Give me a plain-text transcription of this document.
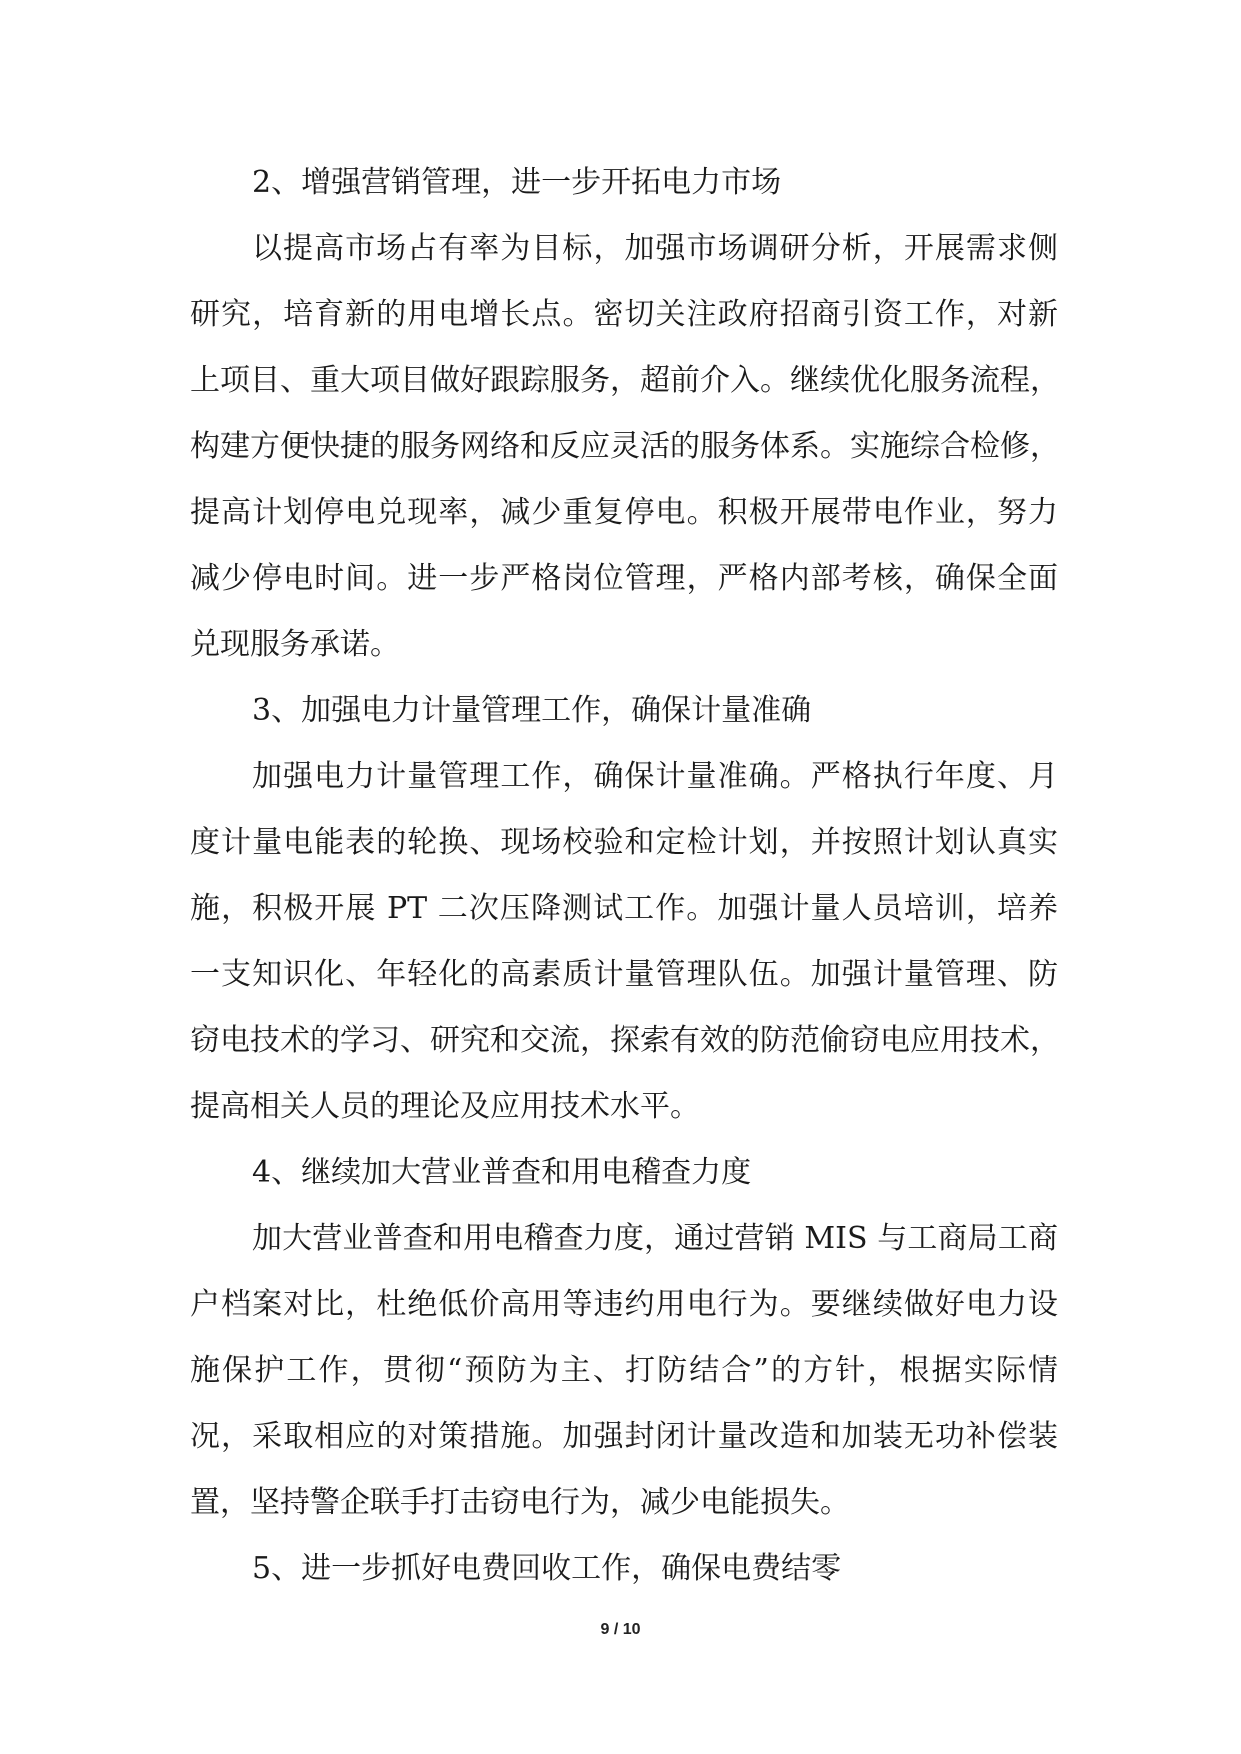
2、增强营销管理，进一步开拓电力市场
以提高市场占有率为目标，加强市场调研分析，开展需求侧
研究，培育新的用电增长点。密切关注政府招商引资工作，对新
上项目、重大项目做好跟踪服务，超前介入。继续优化服务流程，
构建方便快捷的服务网络和反应灵活的服务体系。实施综合检修，
提高计划停电兑现率，减少重复停电。积极开展带电作业，努力
减少停电时间。进一步严格岗位管理，严格内部考核，确保全面
兑现服务承诺。
3、加强电力计量管理工作，确保计量准确
加强电力计量管理工作，确保计量准确。严格执行年度、月
度计量电能表的轮换、现场校验和定检计划，并按照计划认真实
施，积极开展 PT 二次压降测试工作。加强计量人员培训，培养
一支知识化、年轻化的高素质计量管理队伍。加强计量管理、防
窃电技术的学习、研究和交流，探索有效的防范偷窃电应用技术，
提高相关人员的理论及应用技术水平。
4、继续加大营业普查和用电稽查力度
加大营业普查和用电稽查力度，通过营销 MIS 与工商局工商
户档案对比，杜绝低价高用等违约用电行为。要继续做好电力设
施保护工作，贯彻“预防为主、打防结合”的方针，根据实际情
况，采取相应的对策措施。加强封闭计量改造和加装无功补偿装
置，坚持警企联手打击窃电行为，减少电能损失。
5、进一步抓好电费回收工作，确保电费结零
9 / 10
